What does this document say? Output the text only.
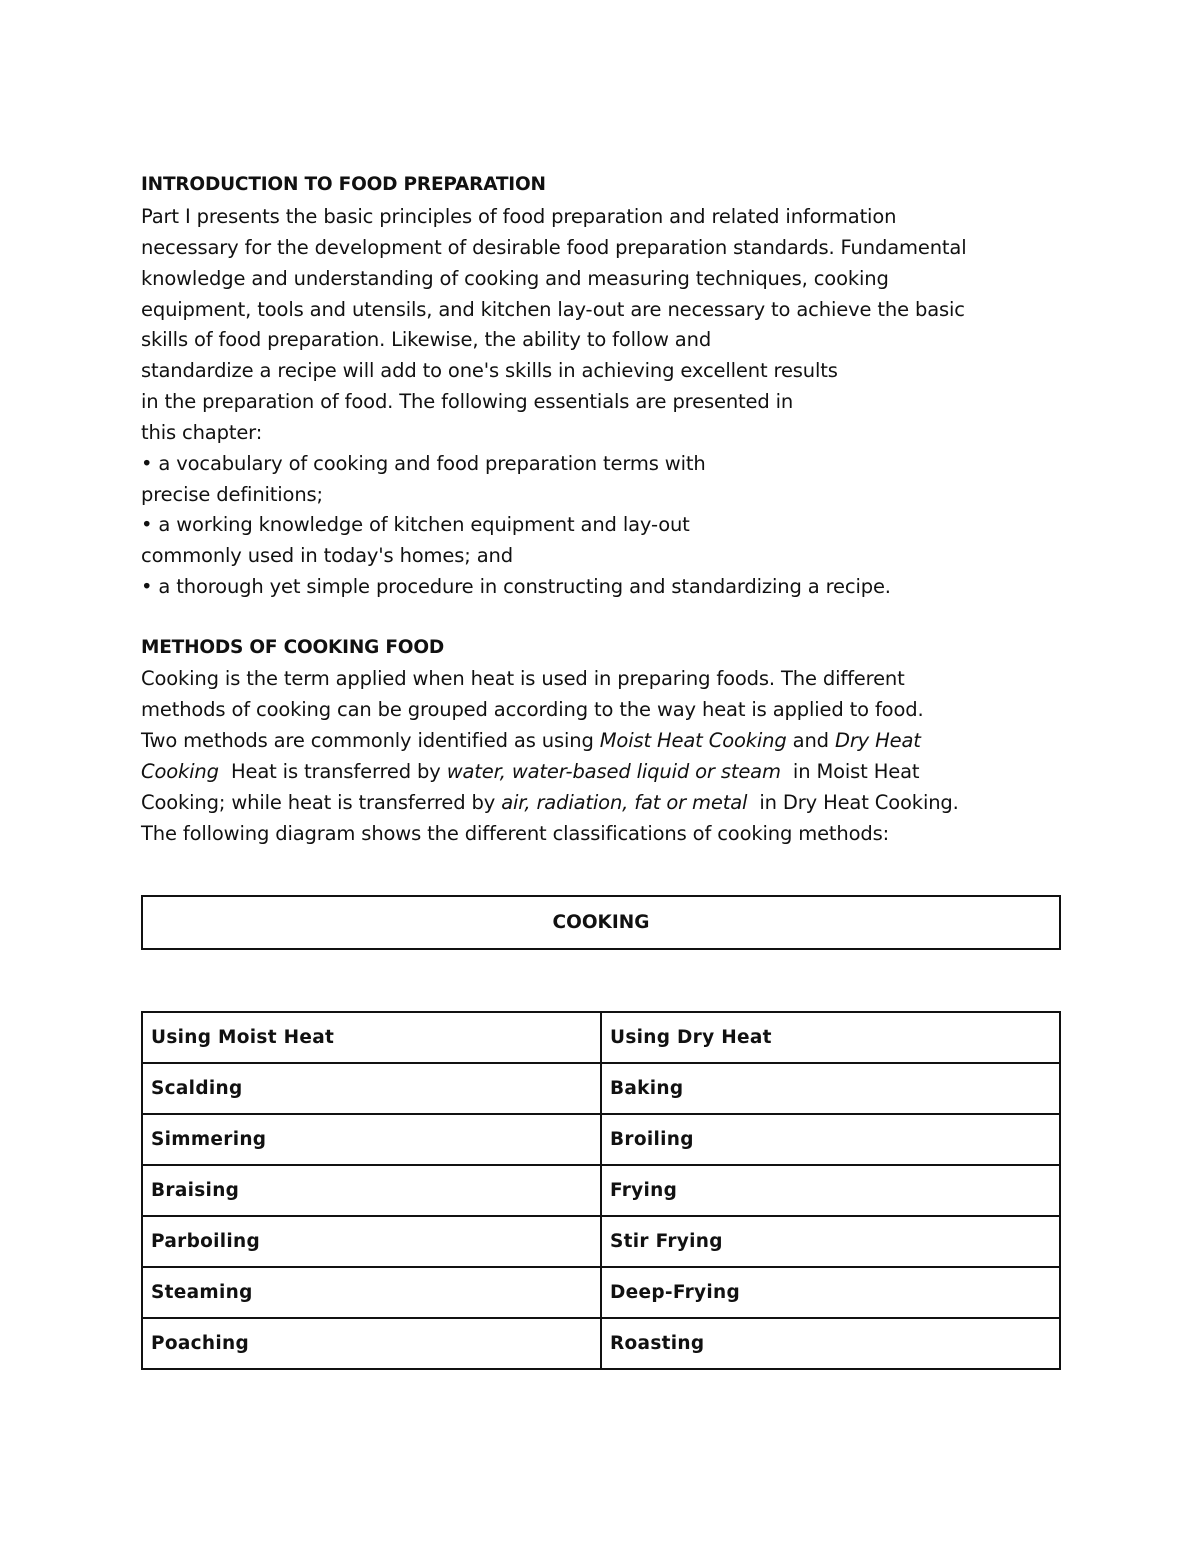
INTRODUCTION TO FOOD PREPARATION
Part I presents the basic principles of food preparation and related information
necessary for the development of desirable food preparation standards. Fundamental
knowledge and understanding of cooking and measuring techniques, cooking
equipment, tools and utensils, and kitchen lay-out are necessary to achieve the basic
skills of food preparation. Likewise, the ability to follow and
standardize a recipe will add to one's skills in achieving excellent results
in the preparation of food. The following essentials are presented in
this chapter:
• a vocabulary of cooking and food preparation terms with
precise definitions;
• a working knowledge of kitchen equipment and lay-out
commonly used in today's homes; and
• a thorough yet simple procedure in constructing and standardizing a recipe.
METHODS OF COOKING FOOD
Cooking is the term applied when heat is used in preparing foods. The different
methods of cooking can be grouped according to the way heat is applied to food.
Two methods are commonly identified as using Moist Heat Cooking and Dry Heat
Cooking  Heat is transferred by water, water-based liquid or steam  in Moist Heat
Cooking; while heat is transferred by air, radiation, fat or metal  in Dry Heat Cooking.
The following diagram shows the different classifications of cooking methods:
COOKING
Using Moist Heat	Using Dry Heat
Scalding	Baking
Simmering	Broiling
Braising	Frying
Parboiling	Stir Frying
Steaming	Deep-Frying
Poaching	Roasting
